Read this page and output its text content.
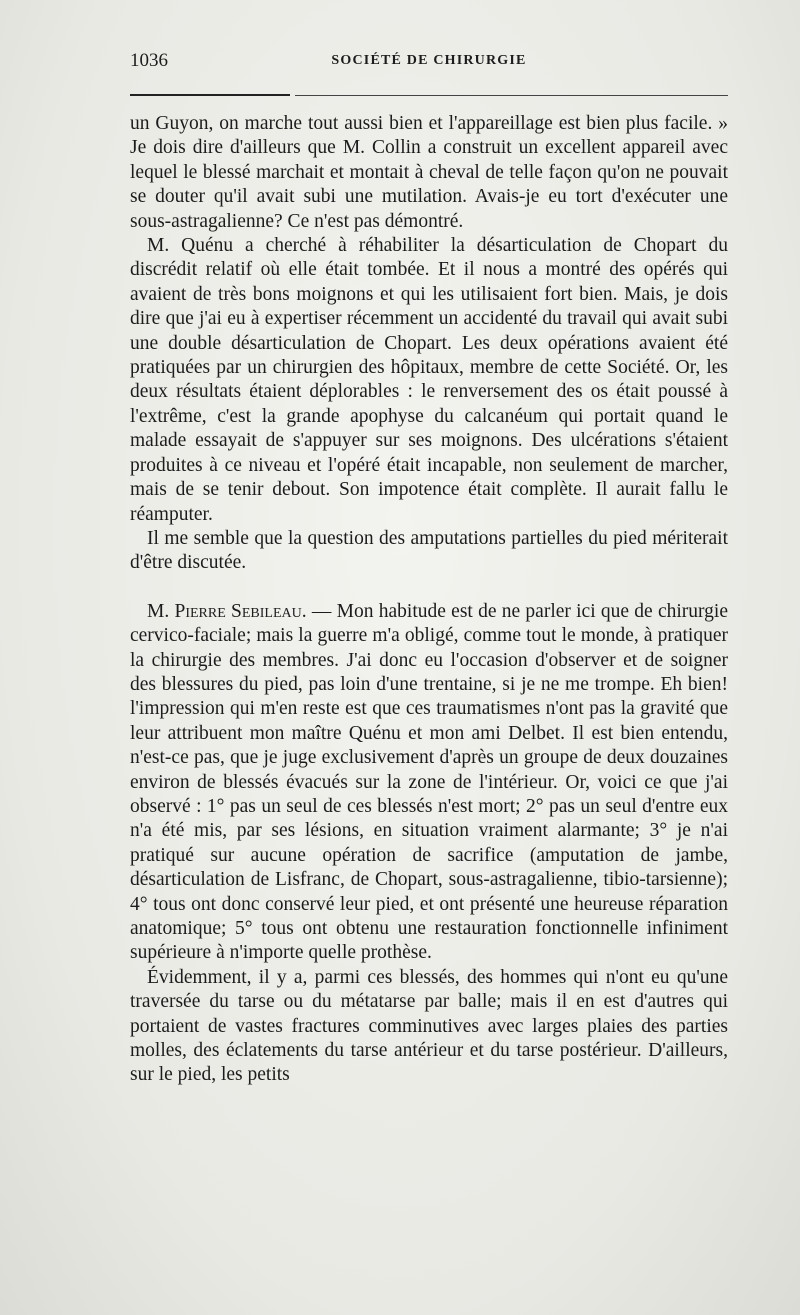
1036	SOCIÉTÉ DE CHIRURGIE

un Guyon, on marche tout aussi bien et l'appareillage est bien plus facile. » Je dois dire d'ailleurs que M. Collin a construit un excellent appareil avec lequel le blessé marchait et montait à cheval de telle façon qu'on ne pouvait se douter qu'il avait subi une mutilation. Avais-je eu tort d'exécuter une sous-astragalienne? Ce n'est pas démontré.

M. Quénu a cherché à réhabiliter la désarticulation de Chopart du discrédit relatif où elle était tombée. Et il nous a montré des opérés qui avaient de très bons moignons et qui les utilisaient fort bien. Mais, je dois dire que j'ai eu à expertiser récemment un accidenté du travail qui avait subi une double désarticulation de Chopart. Les deux opérations avaient été pratiquées par un chirurgien des hôpitaux, membre de cette Société. Or, les deux résultats étaient déplorables : le renversement des os était poussé à l'extrême, c'est la grande apophyse du calcanéum qui portait quand le malade essayait de s'appuyer sur ses moignons. Des ulcérations s'étaient produites à ce niveau et l'opéré était incapable, non seulement de marcher, mais de se tenir debout. Son impotence était complète. Il aurait fallu le réamputer.

Il me semble que la question des amputations partielles du pied mériterait d'être discutée.

M. Pierre Sebileau. — Mon habitude est de ne parler ici que de chirurgie cervico-faciale; mais la guerre m'a obligé, comme tout le monde, à pratiquer la chirurgie des membres. J'ai donc eu l'occasion d'observer et de soigner des blessures du pied, pas loin d'une trentaine, si je ne me trompe. Eh bien! l'impression qui m'en reste est que ces traumatismes n'ont pas la gravité que leur attribuent mon maître Quénu et mon ami Delbet. Il est bien entendu, n'est-ce pas, que je juge exclusivement d'après un groupe de deux douzaines environ de blessés évacués sur la zone de l'intérieur. Or, voici ce que j'ai observé : 1° pas un seul de ces blessés n'est mort; 2° pas un seul d'entre eux n'a été mis, par ses lésions, en situation vraiment alarmante; 3° je n'ai pratiqué sur aucune opération de sacrifice (amputation de jambe, désarticulation de Lisfranc, de Chopart, sous-astragalienne, tibio-tarsienne); 4° tous ont donc conservé leur pied, et ont présenté une heureuse réparation anatomique; 5° tous ont obtenu une restauration fonctionnelle infiniment supérieure à n'importe quelle prothèse.

Évidemment, il y a, parmi ces blessés, des hommes qui n'ont eu qu'une traversée du tarse ou du métatarse par balle; mais il en est d'autres qui portaient de vastes fractures comminutives avec larges plaies des parties molles, des éclatements du tarse antérieur et du tarse postérieur. D'ailleurs, sur le pied, les petits
